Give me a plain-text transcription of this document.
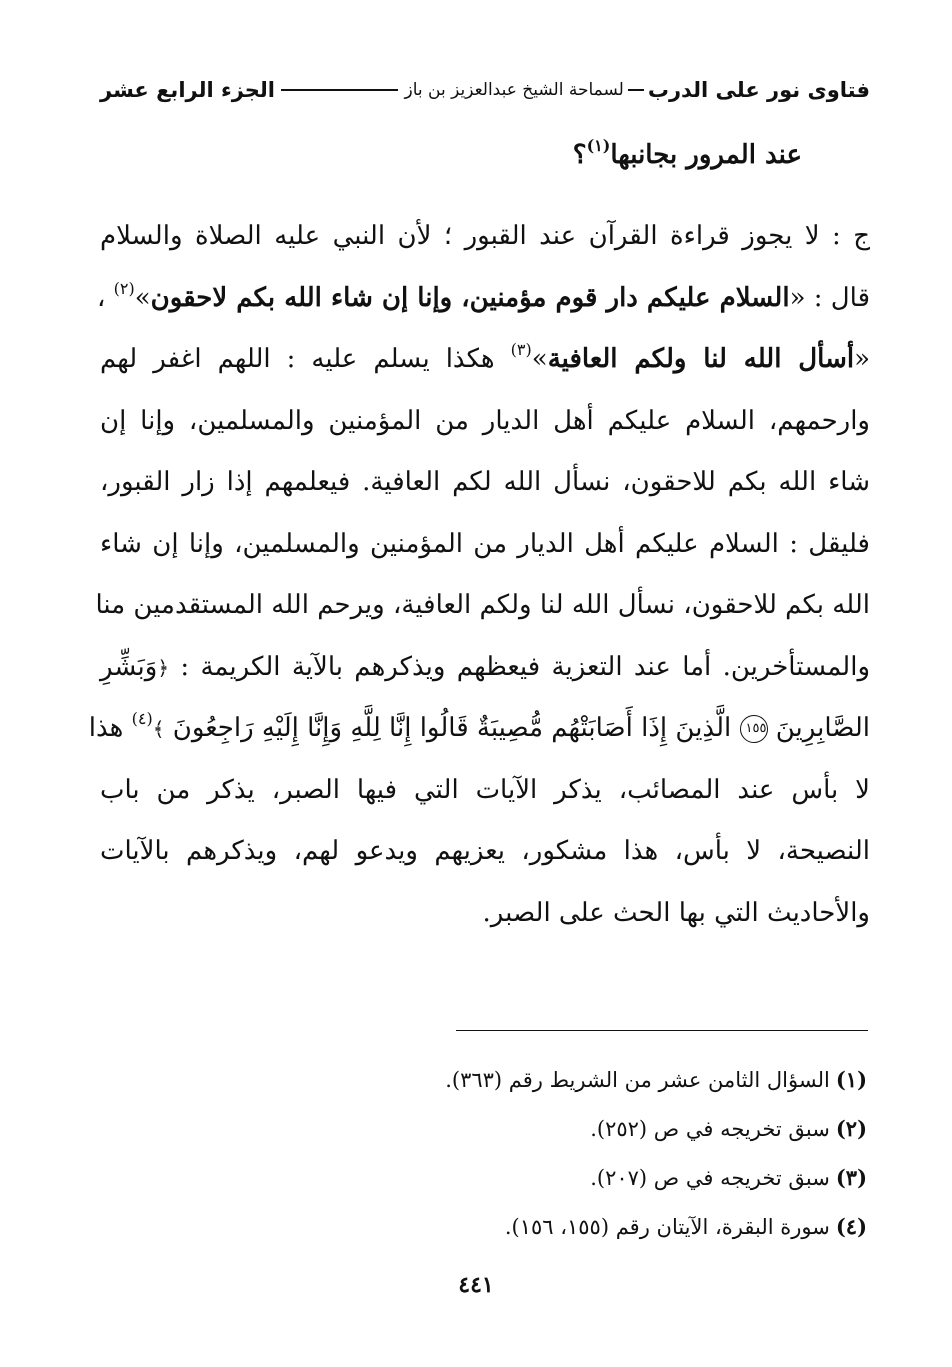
فتاوى نور على الدرب
لسماحة الشيخ عبدالعزيز بن باز
الجزء الرابع عشر
عند المرور بجانبها$^{(١)}$؟
ج : لا يجوز قراءة القرآن عند القبور ؛ لأن النبي عليه الصلاة والسلام
قال : «السلام عليكم دار قوم مؤمنين، وإنا إن شاء الله بكم لاحقون»$^{(٢)}$ ،
«أسأل الله لنا ولكم العافية»$^{(٣)}$ هكذا يسلم عليه : اللهم اغفر لهم
وارحمهم، السلام عليكم أهل الديار من المؤمنين والمسلمين، وإنا إن
شاء الله بكم للاحقون، نسأل الله لكم العافية. فيعلمهم إذا زار القبور،
فليقل : السلام عليكم أهل الديار من المؤمنين والمسلمين، وإنا إن شاء
الله بكم للاحقون، نسأل الله لنا ولكم العافية، ويرحم الله المستقدمين منا
والمستأخرين. أما عند التعزية فيعظهم ويذكرهم بالآية الكريمة : ﴿وَبَشِّرِ
الصَّابِرِينَ ١٥٥ الَّذِينَ إِذَا أَصَابَتْهُم مُّصِيبَةٌ قَالُوا إِنَّا لِلَّهِ وَإِنَّا إِلَيْهِ رَاجِعُونَ ﴾$^{(٤)}$ هذا
لا بأس عند المصائب، يذكر الآيات التي فيها الصبر، يذكر من باب
النصيحة، لا بأس، هذا مشكور، يعزيهم ويدعو لهم، ويذكرهم بالآيات
والأحاديث التي بها الحث على الصبر.
(١)السؤال الثامن عشر من الشريط رقم (٣٦٣).
(٢)سبق تخريجه في ص (٢٥٢).
(٣)سبق تخريجه في ص (٢٠٧).
(٤)سورة البقرة، الآيتان رقم (١٥٥، ١٥٦).
٤٤١
